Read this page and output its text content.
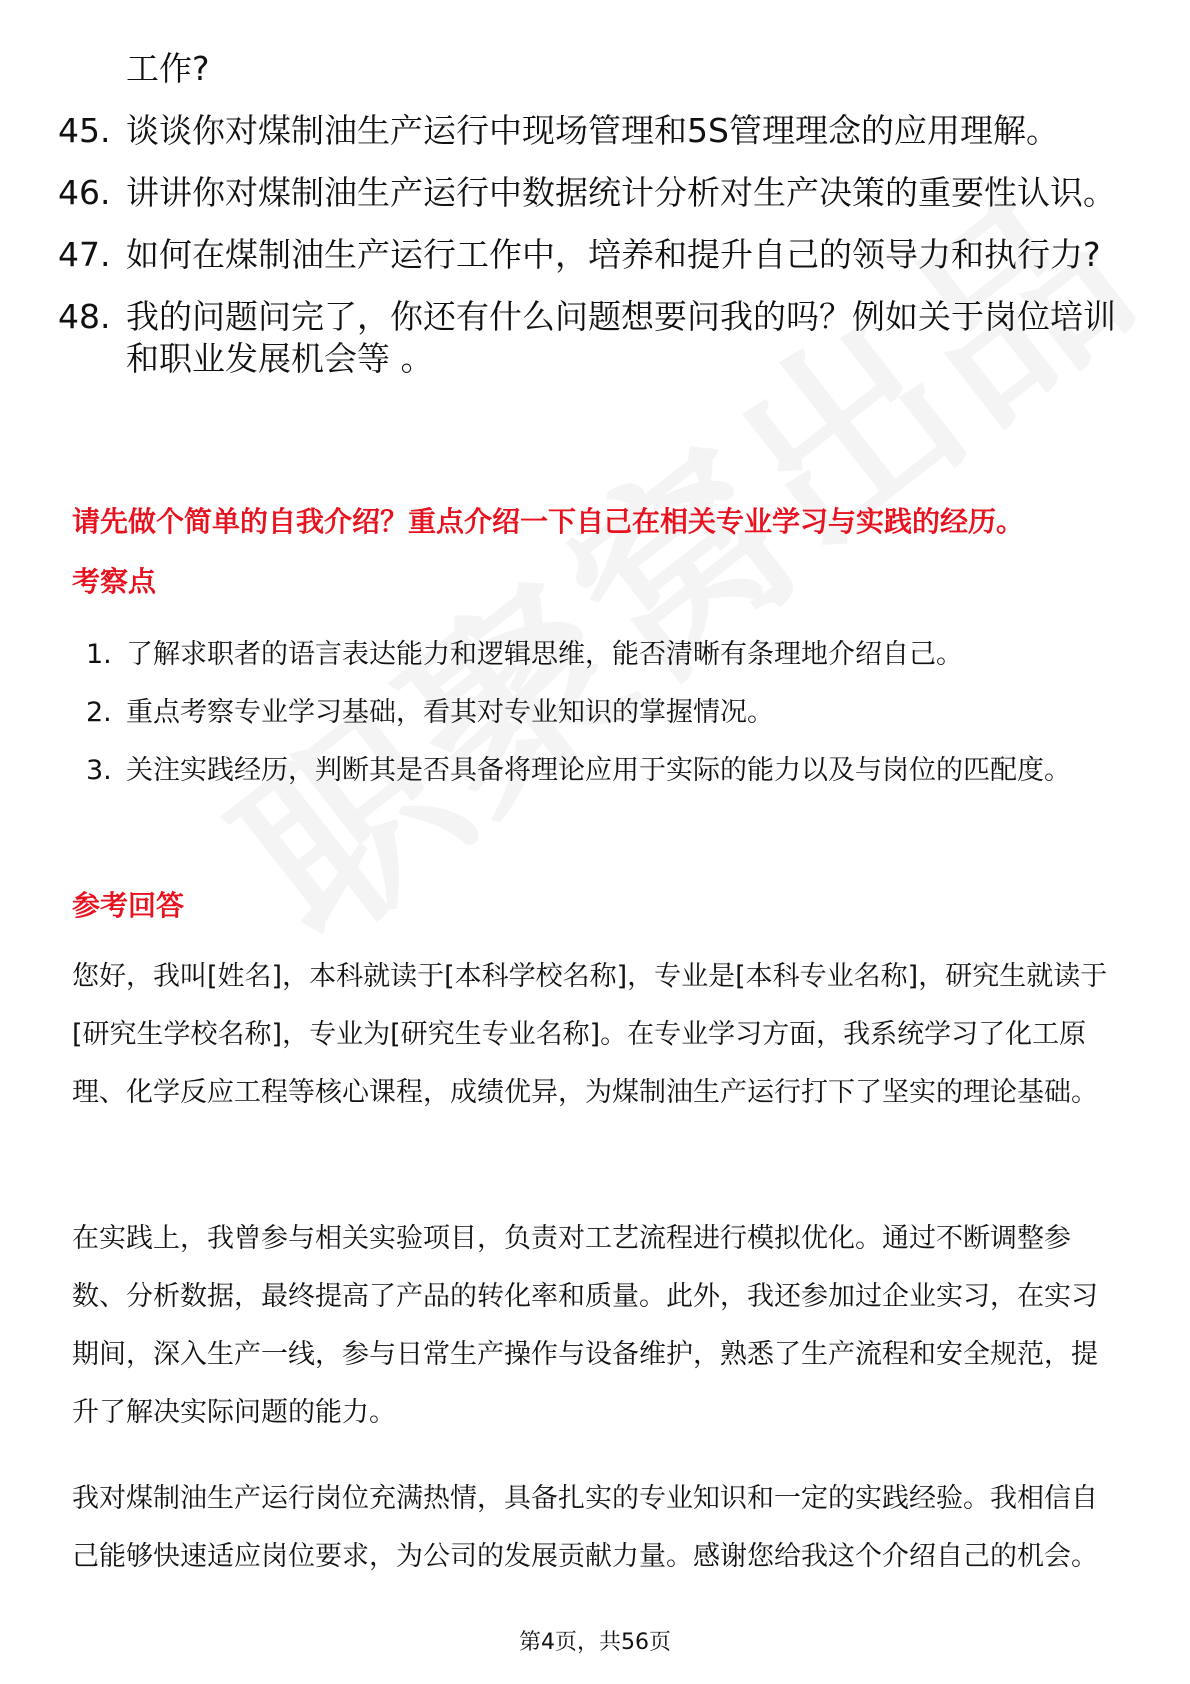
工作?
45. 谈谈你对煤制油生产运行中现场管理和5S管理理念的应用理解。
46. 讲讲你对煤制油生产运行中数据统计分析对生产决策的重要性认识。
47. 如何在煤制油生产运行工作中，培养和提升自己的领导力和执行力?
48. 我的问题问完了，你还有什么问题想要问我的吗？例如关于岗位培训和职业发展机会等 。
请先做个简单的自我介绍？重点介绍一下自己在相关专业学习与实践的经历。
考察点
1. 了解求职者的语言表达能力和逻辑思维，能否清晰有条理地介绍自己。
2. 重点考察专业学习基础，看其对专业知识的掌握情况。
3. 关注实践经历，判断其是否具备将理论应用于实际的能力以及与岗位的匹配度。
参考回答
您好，我叫[姓名]，本科就读于[本科学校名称]，专业是[本科专业名称]，研究生就读于[研究生学校名称]，专业为[研究生专业名称]。在专业学习方面，我系统学习了化工原理、化学反应工程等核心课程，成绩优异，为煤制油生产运行打下了坚实的理论基础。
在实践上，我曾参与相关实验项目，负责对工艺流程进行模拟优化。通过不断调整参数、分析数据，最终提高了产品的转化率和质量。此外，我还参加过企业实习，在实习期间，深入生产一线，参与日常生产操作与设备维护，熟悉了生产流程和安全规范，提升了解决实际问题的能力。
我对煤制油生产运行岗位充满热情，具备扎实的专业知识和一定的实践经验。我相信自己能够快速适应岗位要求，为公司的发展贡献力量。感谢您给我这个介绍自己的机会。
第4页，共56页
